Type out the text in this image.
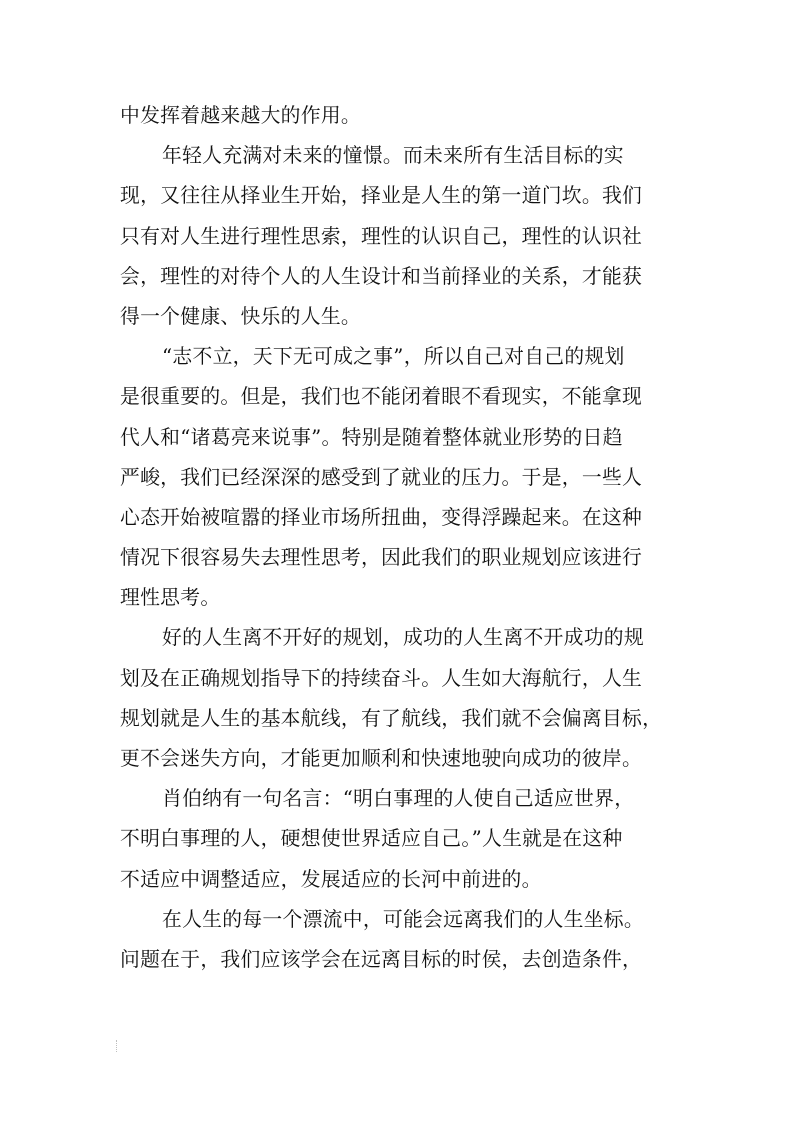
中发挥着越来越大的作用。
年轻人充满对未来的憧憬。而未来所有生活目标的实
现，又往往从择业生开始，择业是人生的第一道门坎。我们
只有对人生进行理性思索，理性的认识自己，理性的认识社
会，理性的对待个人的人生设计和当前择业的关系，才能获
得一个健康、快乐的人生。
“志不立，天下无可成之事”，所以自己对自己的规划
是很重要的。但是，我们也不能闭着眼不看现实，不能拿现
代人和“诸葛亮来说事”。特别是随着整体就业形势的日趋
严峻，我们已经深深的感受到了就业的压力。于是，一些人
心态开始被喧嚣的择业市场所扭曲，变得浮躁起来。在这种
情况下很容易失去理性思考，因此我们的职业规划应该进行
理性思考。
好的人生离不开好的规划，成功的人生离不开成功的规
划及在正确规划指导下的持续奋斗。人生如大海航行，人生
规划就是人生的基本航线，有了航线，我们就不会偏离目标，
更不会迷失方向，才能更加顺利和快速地驶向成功的彼岸。
肖伯纳有一句名言：“明白事理的人使自己适应世界，
不明白事理的人，硬想使世界适应自己。”人生就是在这种
不适应中调整适应，发展适应的长河中前进的。
在人生的每一个漂流中，可能会远离我们的人生坐标。
问题在于，我们应该学会在远离目标的时侯，去创造条件，
